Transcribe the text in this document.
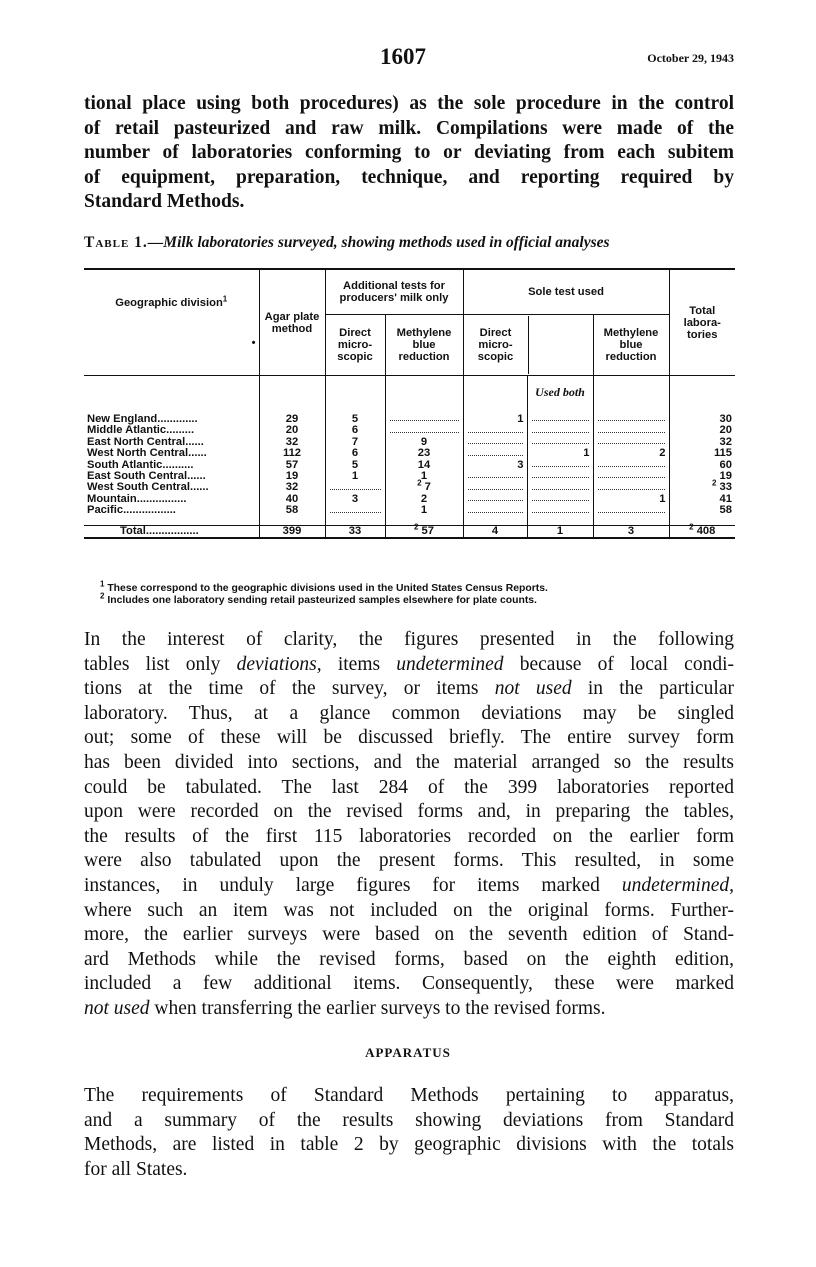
1607	October 29, 1943

tional place using both procedures) as the sole procedure in the control
of retail pasteurized and raw milk. Compilations were made of the
number of laboratories conforming to or deviating from each subitem
of equipment, preparation, technique, and reporting required by
Standard Methods.

Table 1.—Milk laboratories surveyed, showing methods used in official analyses
Geographic division$^1$
•	Agar plate method	Additional tests for producers' milk only		Sole test used			Total labora-tories
		Direct micro-scopic	Methylene blue reduction	Direct micro-scopic		Methylene blue reduction	
					Used both		
New England.............	29	5		1			30
Middle Atlantic.........	20	6					20
East North Central......	32	7	9				32
West North Central......	112	6	23		1	2	115
South Atlantic..........	57	5	14	3			60
East South Central......	19	1	1				19
West South Central......	32		$^2$ 7				$^2$ 33
Mountain................	40	3	2			1	41
Pacific.................	58		1				58

Total.................	399	33	$^2$ 57	4	1	3	$^2$ 408
$^1$ These correspond to the geographic divisions used in the United States Census Reports.
$^2$ Includes one laboratory sending retail pasteurized samples elsewhere for plate counts.

In the interest of clarity, the figures presented in the following
tables list only deviations, items undetermined because of local condi-
tions at the time of the survey, or items not used in the particular
laboratory. Thus, at a glance common deviations may be singled
out; some of these will be discussed briefly. The entire survey form
has been divided into sections, and the material arranged so the results
could be tabulated. The last 284 of the 399 laboratories reported
upon were recorded on the revised forms and, in preparing the tables,
the results of the first 115 laboratories recorded on the earlier form
were also tabulated upon the present forms. This resulted, in some
instances, in unduly large figures for items marked undetermined,
where such an item was not included on the original forms. Further-
more, the earlier surveys were based on the seventh edition of Stand-
ard Methods while the revised forms, based on the eighth edition,
included a few additional items. Consequently, these were marked
not used when transferring the earlier surveys to the revised forms.

APPARATUS

The requirements of Standard Methods pertaining to apparatus,
and a summary of the results showing deviations from Standard
Methods, are listed in table 2 by geographic divisions with the totals
for all States.
